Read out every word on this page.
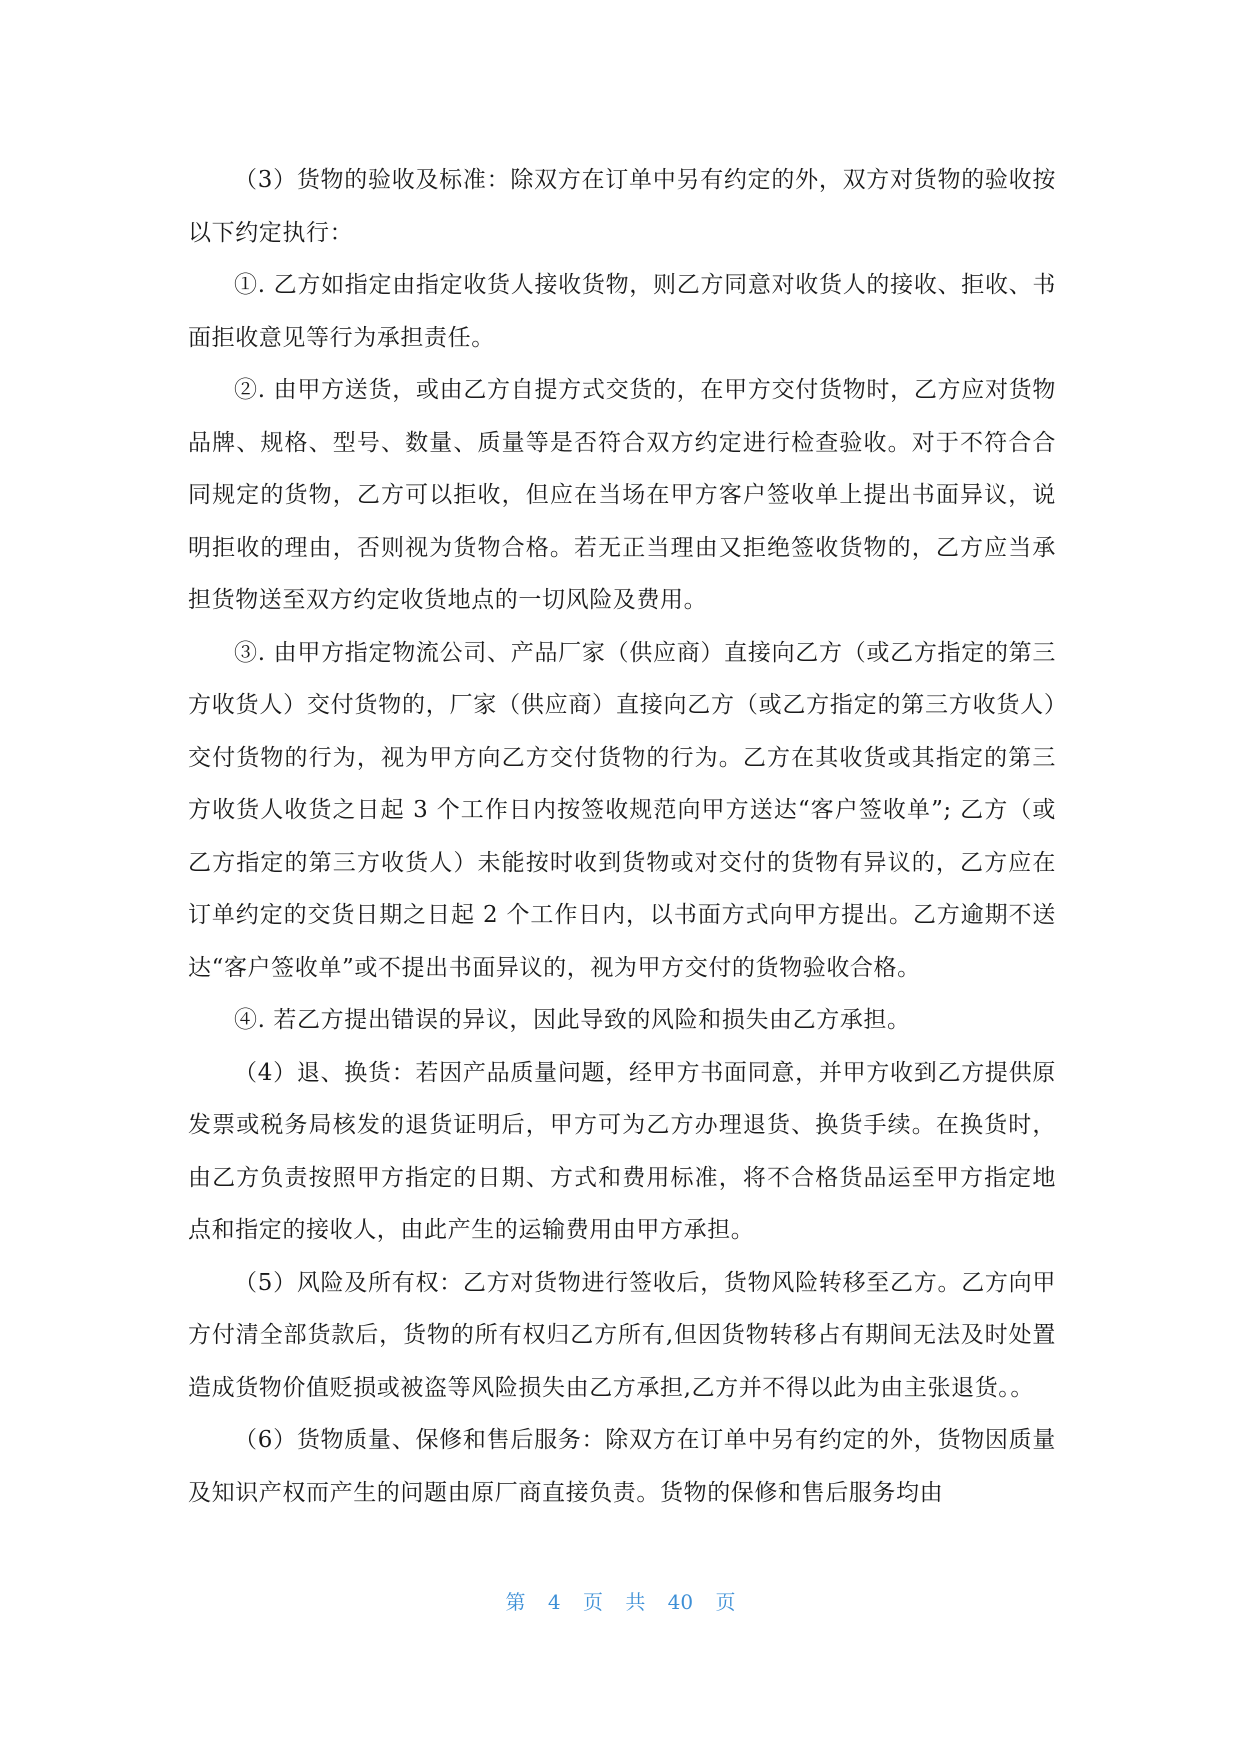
（3）货物的验收及标准：除双方在订单中另有约定的外，双方对货物的验收按以下约定执行：

①. 乙方如指定由指定收货人接收货物，则乙方同意对收货人的接收、拒收、书面拒收意见等行为承担责任。

②. 由甲方送货，或由乙方自提方式交货的，在甲方交付货物时，乙方应对货物品牌、规格、型号、数量、质量等是否符合双方约定进行检查验收。对于不符合合同规定的货物，乙方可以拒收，但应在当场在甲方客户签收单上提出书面异议，说明拒收的理由，否则视为货物合格。若无正当理由又拒绝签收货物的，乙方应当承担货物送至双方约定收货地点的一切风险及费用。

③. 由甲方指定物流公司、产品厂家（供应商）直接向乙方（或乙方指定的第三方收货人）交付货物的，厂家（供应商）直接向乙方（或乙方指定的第三方收货人）交付货物的行为，视为甲方向乙方交付货物的行为。乙方在其收货或其指定的第三方收货人收货之日起 3 个工作日内按签收规范向甲方送达“客户签收单”; 乙方（或乙方指定的第三方收货人）未能按时收到货物或对交付的货物有异议的，乙方应在订单约定的交货日期之日起 2 个工作日内，以书面方式向甲方提出。乙方逾期不送达“客户签收单”或不提出书面异议的，视为甲方交付的货物验收合格。

④. 若乙方提出错误的异议，因此导致的风险和损失由乙方承担。

（4）退、换货：若因产品质量问题，经甲方书面同意，并甲方收到乙方提供原发票或税务局核发的退货证明后，甲方可为乙方办理退货、换货手续。在换货时，由乙方负责按照甲方指定的日期、方式和费用标准，将不合格货品运至甲方指定地点和指定的接收人，由此产生的运输费用由甲方承担。

（5）风险及所有权：乙方对货物进行签收后，货物风险转移至乙方。乙方向甲方付清全部货款后，货物的所有权归乙方所有,但因货物转移占有期间无法及时处置造成货物价值贬损或被盗等风险损失由乙方承担,乙方并不得以此为由主张退货。。

（6）货物质量、保修和售后服务：除双方在订单中另有约定的外，货物因质量及知识产权而产生的问题由原厂商直接负责。货物的保修和售后服务均由

第 4 页 共 40 页
